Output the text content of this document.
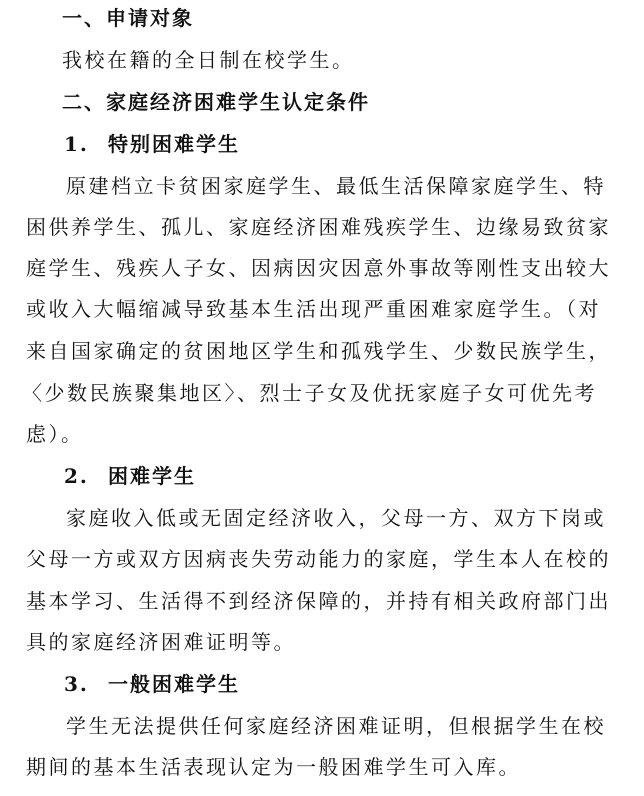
一、申请对象
我校在籍的全日制在校学生。
二、家庭经济困难学生认定条件
1. 特别困难学生
原建档立卡贫困家庭学生、最低生活保障家庭学生、特
困供养学生、孤儿、家庭经济困难残疾学生、边缘易致贫家
庭学生、残疾人子女、因病因灾因意外事故等刚性支出较大
或收入大幅缩减导致基本生活出现严重困难家庭学生。（对
来自国家确定的贫困地区学生和孤残学生、少数民族学生，
〈少数民族聚集地区〉、烈士子女及优抚家庭子女可优先考
虑）。
2. 困难学生
家庭收入低或无固定经济收入，父母一方、双方下岗或
父母一方或双方因病丧失劳动能力的家庭，学生本人在校的
基本学习、生活得不到经济保障的，并持有相关政府部门出
具的家庭经济困难证明等。
3. 一般困难学生
学生无法提供任何家庭经济困难证明，但根据学生在校
期间的基本生活表现认定为一般困难学生可入库。
